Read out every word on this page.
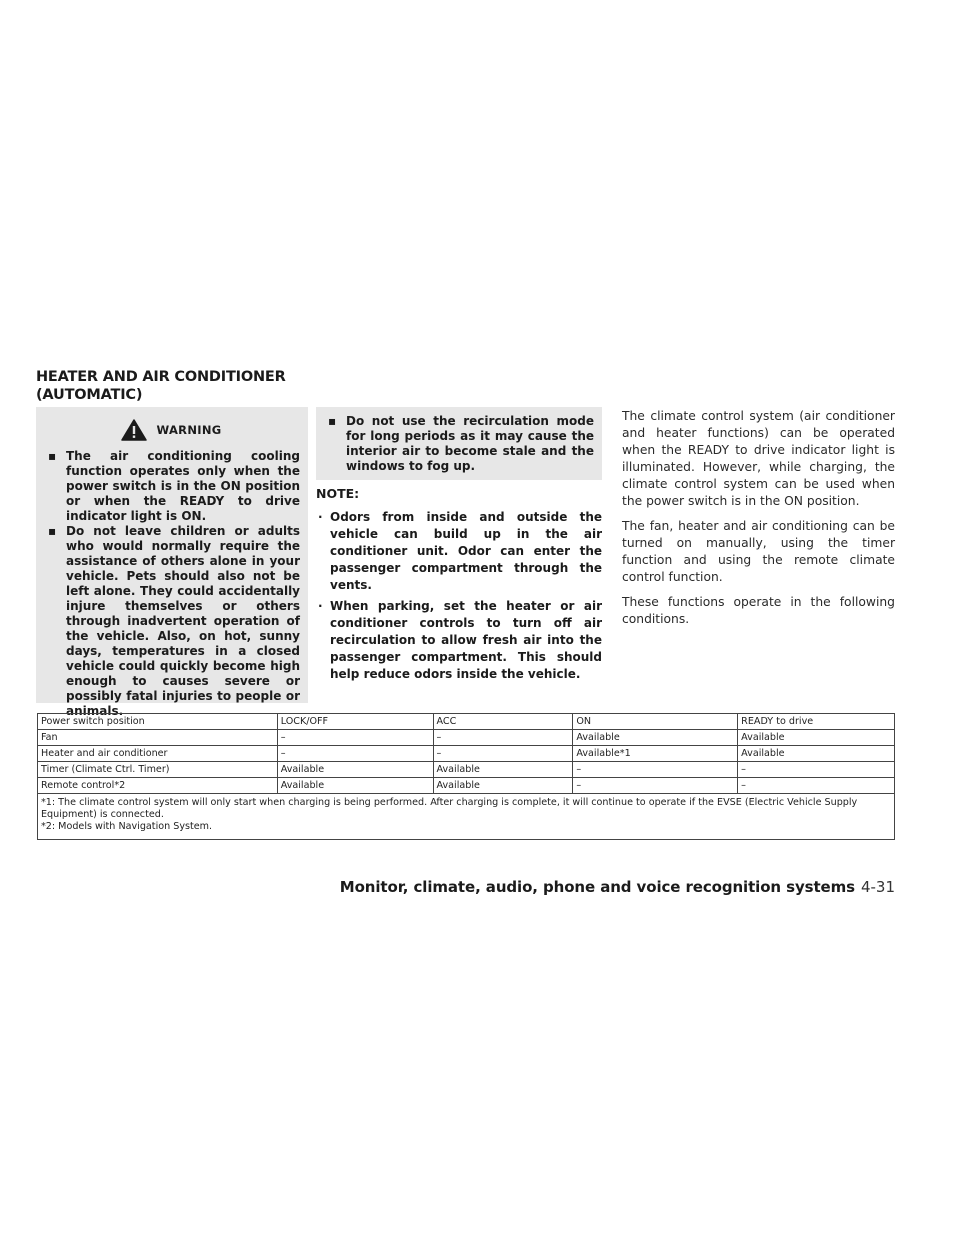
HEATER AND AIR CONDITIONER
(AUTOMATIC)
WARNING
▪ The air conditioning cooling function operates only when the power switch is in the ON position or when the READY to drive indicator light is ON.
▪ Do not leave children or adults who would normally require the assistance of others alone in your vehicle. Pets should also not be left alone. They could accidentally injure themselves or others through inadvertent operation of the vehicle. Also, on hot, sunny days, temperatures in a closed vehicle could quickly become high enough to causes severe or possibly fatal injuries to people or animals.
▪ Do not use the recirculation mode for long periods as it may cause the interior air to become stale and the windows to fog up.

NOTE:

· Odors from inside and outside the vehicle can build up in the air conditioner unit. Odor can enter the passenger compartment through the vents.
· When parking, set the heater or air conditioner controls to turn off air recirculation to allow fresh air into the passenger compartment. This should help reduce odors inside the vehicle.

The climate control system (air conditioner and heater functions) can be operated when the READY to drive indicator light is illuminated. However, while charging, the climate control system can be used when the power switch is in the ON position.

The fan, heater and air conditioning can be turned on manually, using the timer function and using the remote climate control function.

These functions operate in the following conditions.

Power switch position	LOCK/OFF	ACC	ON	READY to drive
Fan	–	–	Available	Available
Heater and air conditioner	–	–	Available*1	Available
Timer (Climate Ctrl. Timer)	Available	Available	–	–
Remote control*2	Available	Available	–	–
*1: The climate control system will only start when charging is being performed. After charging is complete, it will continue to operate if the EVSE (Electric Vehicle Supply Equipment) is connected.
*2: Models with Navigation System.				
Monitor, climate, audio, phone and voice recognition systems 4-31
